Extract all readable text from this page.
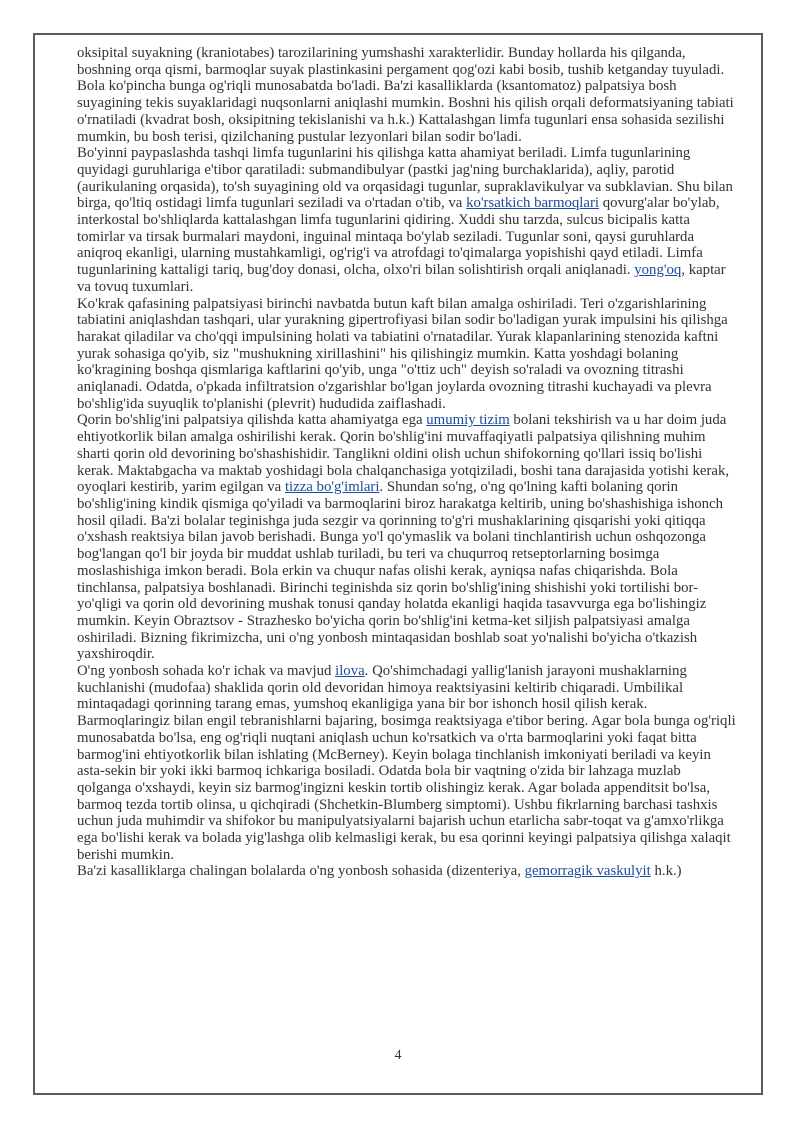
oksipital suyakning (kraniotabes) tarozilarining yumshashi xarakterlidir. Bunday hollarda his qilganda, boshning orqa qismi, barmoqlar suyak plastinkasini pergament qog'ozi kabi bosib, tushib ketganday tuyuladi. Bola ko'pincha bunga og'riqli munosabatda bo'ladi. Ba'zi kasalliklarda (ksantomatoz) palpatsiya bosh suyagining tekis suyaklaridagi nuqsonlarni aniqlashi mumkin. Boshni his qilish orqali deformatsiyaning tabiati o'rnatiladi (kvadrat bosh, oksipitning tekislanishi va h.k.) Kattalashgan limfa tugunlari ensa sohasida sezilishi mumkin, bu bosh terisi, qizilchaning pustular lezyonlari bilan sodir bo'ladi.

Bo'yinni paypaslashda tashqi limfa tugunlarini his qilishga katta ahamiyat beriladi. Limfa tugunlarining quyidagi guruhlariga e'tibor qaratiladi: submandibulyar (pastki jag'ning burchaklarida), aqliy, parotid (aurikulaning orqasida), to'sh suyagining old va orqasidagi tugunlar, supraklavikulyar va subklavian. Shu bilan birga, qo'ltiq ostidagi limfa tugunlari seziladi va o'rtadan o'tib, va ko'rsatkich barmoqlari qovurg'alar bo'ylab, interkostal bo'shliqlarda kattalashgan limfa tugunlarini qidiring. Xuddi shu tarzda, sulcus bicipalis katta tomirlar va tirsak burmalari maydoni, inguinal mintaqa bo'ylab seziladi. Tugunlar soni, qaysi guruhlarda aniqroq ekanligi, ularning mustahkamligi, og'rig'i va atrofdagi to'qimalarga yopishishi qayd etiladi. Limfa tugunlarining kattaligi tariq, bug'doy donasi, olcha, olxo'ri bilan solishtirish orqali aniqlanadi. yong'oq, kaptar va tovuq tuxumlari.

Ko'krak qafasining palpatsiyasi birinchi navbatda butun kaft bilan amalga oshiriladi. Teri o'zgarishlarining tabiatini aniqlashdan tashqari, ular yurakning gipertrofiyasi bilan sodir bo'ladigan yurak impulsini his qilishga harakat qiladilar va cho'qqi impulsining holati va tabiatini o'rnatadilar. Yurak klapanlarining stenozida kaftni yurak sohasiga qo'yib, siz "mushukning xirillashini" his qilishingiz mumkin. Katta yoshdagi bolaning ko'kragining boshqa qismlariga kaftlarini qo'yib, unga "o'ttiz uch" deyish so'raladi va ovozning titrashi aniqlanadi. Odatda, o'pkada infiltratsion o'zgarishlar bo'lgan joylarda ovozning titrashi kuchayadi va plevra bo'shlig'ida suyuqlik to'planishi (plevrit) hududida zaiflashadi.

Qorin bo'shlig'ini palpatsiya qilishda katta ahamiyatga ega umumiy tizim bolani tekshirish va u har doim juda ehtiyotkorlik bilan amalga oshirilishi kerak. Qorin bo'shlig'ini muvaffaqiyatli palpatsiya qilishning muhim sharti qorin old devorining bo'shashishidir. Tanglikni oldini olish uchun shifokorning qo'llari issiq bo'lishi kerak. Maktabgacha va maktab yoshidagi bola chalqanchasiga yotqiziladi, boshi tana darajasida yotishi kerak, oyoqlari kestirib, yarim egilgan va tizza bo'g'imlari. Shundan so'ng, o'ng qo'lning kafti bolaning qorin bo'shlig'ining kindik qismiga qo'yiladi va barmoqlarini biroz harakatga keltirib, uning bo'shashishiga ishonch hosil qiladi. Ba'zi bolalar teginishga juda sezgir va qorinning to'g'ri mushaklarining qisqarishi yoki qitiqqa o'xshash reaktsiya bilan javob berishadi. Bunga yo'l qo'ymaslik va bolani tinchlantirish uchun oshqozonga bog'langan qo'l bir joyda bir muddat ushlab turiladi, bu teri va chuqurroq retseptorlarning bosimga moslashishiga imkon beradi. Bola erkin va chuqur nafas olishi kerak, ayniqsa nafas chiqarishda. Bola tinchlansa, palpatsiya boshlanadi. Birinchi teginishda siz qorin bo'shlig'ining shishishi yoki tortilishi bor-yo'qligi va qorin old devorining mushak tonusi qanday holatda ekanligi haqida tasavvurga ega bo'lishingiz mumkin. Keyin Obraztsov - Strazhesko bo'yicha qorin bo'shlig'ini ketma-ket siljish palpatsiyasi amalga oshiriladi. Bizning fikrimizcha, uni o'ng yonbosh mintaqasidan boshlab soat yo'nalishi bo'yicha o'tkazish yaxshiroqdir.

O'ng yonbosh sohada ko'r ichak va mavjud ilova. Qo'shimchadagi yallig'lanish jarayoni mushaklarning kuchlanishi (mudofaa) shaklida qorin old devoridan himoya reaktsiyasini keltirib chiqaradi. Umbilikal mintaqadagi qorinning tarang emas, yumshoq ekanligiga yana bir bor ishonch hosil qilish kerak. Barmoqlaringiz bilan engil tebranishlarni bajaring, bosimga reaktsiyaga e'tibor bering. Agar bola bunga og'riqli munosabatda bo'lsa, eng og'riqli nuqtani aniqlash uchun ko'rsatkich va o'rta barmoqlarini yoki faqat bitta barmog'ini ehtiyotkorlik bilan ishlating (McBerney). Keyin bolaga tinchlanish imkoniyati beriladi va keyin asta-sekin bir yoki ikki barmoq ichkariga bosiladi. Odatda bola bir vaqtning o'zida bir lahzaga muzlab qolganga o'xshaydi, keyin siz barmog'ingizni keskin tortib olishingiz kerak. Agar bolada appenditsit bo'lsa, barmoq tezda tortib olinsa, u qichqiradi (Shchetkin-Blumberg simptomi). Ushbu fikrlarning barchasi tashxis uchun juda muhimdir va shifokor bu manipulyatsiyalarni bajarish uchun etarlicha sabr-toqat va g'amxo'rlikga ega bo'lishi kerak va bolada yig'lashga olib kelmasligi kerak, bu esa qorinni keyingi palpatsiya qilishga xalaqit berishi mumkin.

Ba'zi kasalliklarga chalingan bolalarda o'ng yonbosh sohasida (dizenteriya, gemorragik vaskulyit h.k.)

4
